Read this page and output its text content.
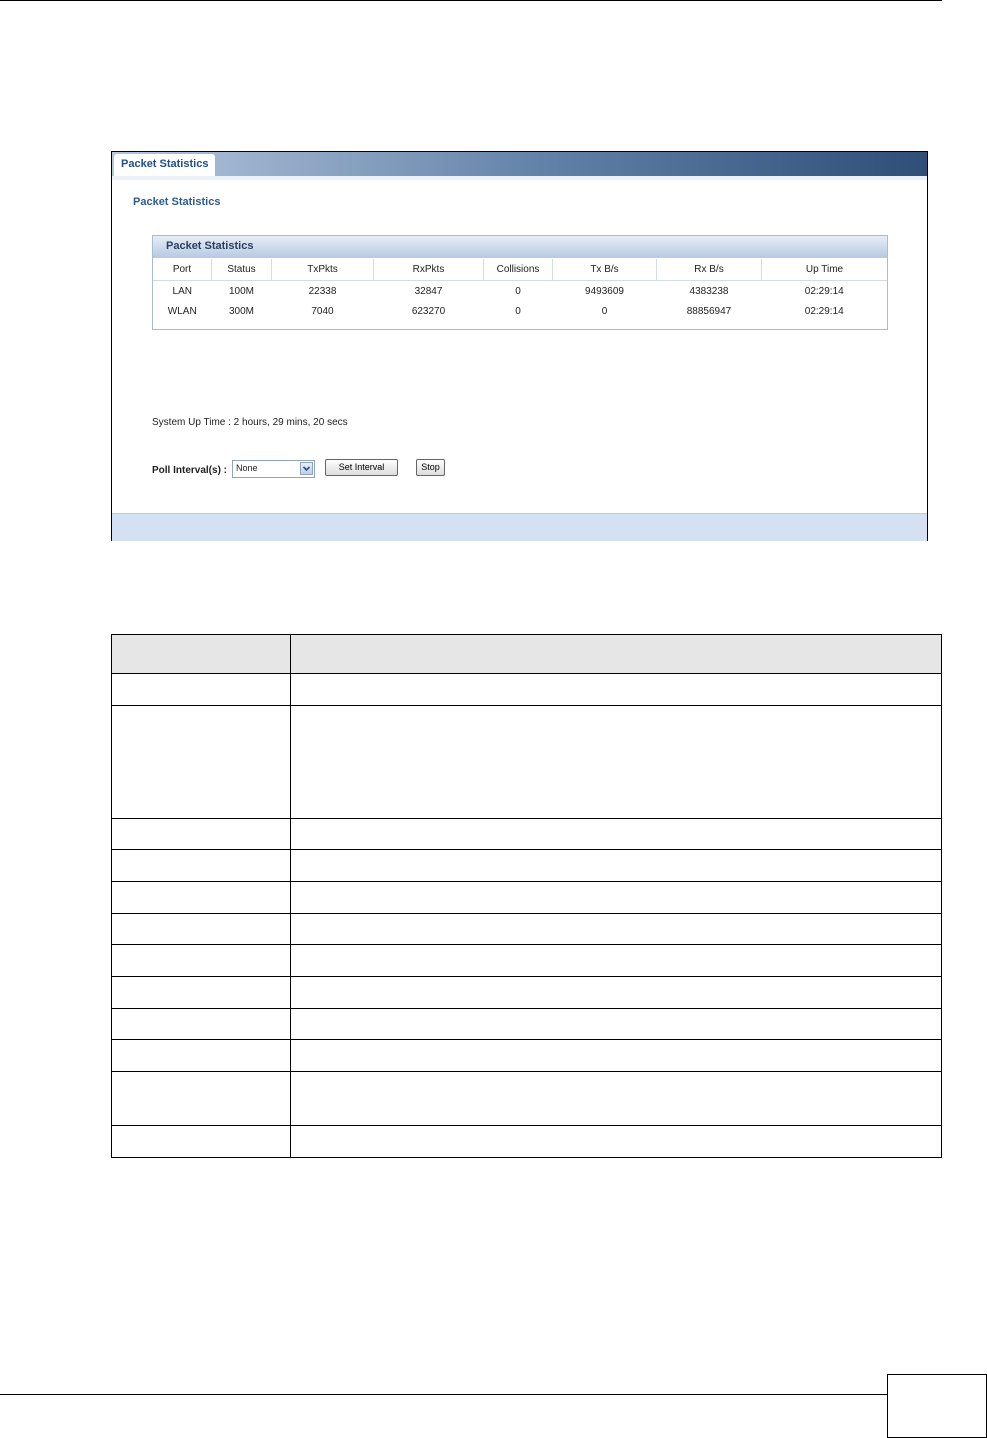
Packet Statistics
Packet Statistics
Packet Statistics
Port	Status	TxPkts	RxPkts	Collisions	Tx B/s	Rx B/s	Up Time
LAN	100M	22338	32847	0	9493609	4383238	02:29:14
WLAN	300M	7040	623270	0	0	88856947	02:29:14
System Up Time : 2 hours, 29 mins, 20 secs
Poll Interval(s) : None	Set Interval	Stop
